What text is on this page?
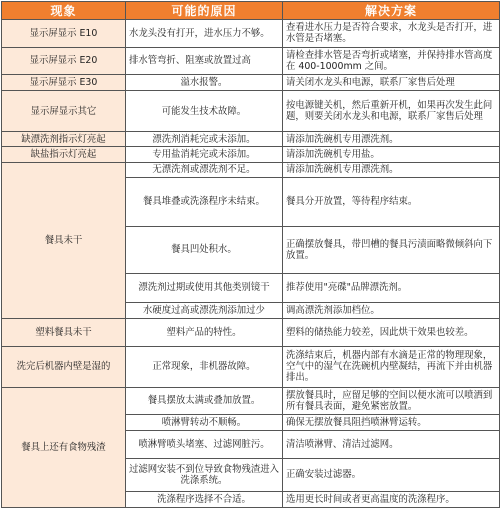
现象	可能的原因	解决方案
显示屏显示 E10	水龙头没有打开，进水压力不够。	查看进水压力是否符合要求，水龙头是否打开，进水管是否堵塞。
显示屏显示 E20	排水管弯折、阻塞或放置过高	请检查排水管是否弯折或堵塞，并保持排水管高度在 400-1000mm 之间。
显示屏显示 E30	溢水报警。	请关闭水龙头和电源，联系厂家售后处理
显示屏显示其它	可能发生技术故障。	按电源键关机，然后重新开机，如果再次发生此问题，则要关闭水龙头和电源，联系厂家售后处理
缺漂洗剂指示灯亮起	漂洗剂消耗完或未添加。	请添加洗碗机专用漂洗剂。
缺盐指示灯亮起	专用盐消耗完或未添加。	请添加洗碗机专用盐。
餐具未干	无漂洗剂或漂洗剂不足。	请添加洗碗机专用漂洗剂。
	餐具堆叠或洗涤程序未结束。	餐具分开放置，等待程序结束。
	餐具凹处积水。	正确摆放餐具，带凹槽的餐具污渍面略微倾斜向下放置。
	漂洗剂过期或使用其他类别镜干	推荐使用"亮碟"品牌漂洗剂。
	水硬度过高或漂洗剂添加过少	调高漂洗剂添加档位。
塑料餐具未干	塑料产品的特性。	塑料的储热能力较差，因此烘干效果也较差。
洗完后机器内壁是湿的	正常现象，非机器故障。	洗涤结束后，机器内部有水滴是正常的物理现象，空气中的湿气在洗碗机内壁凝结，再流下并由机器排出。
餐具上还有食物残渣	餐具摆放太满或叠加放置。	摆放餐具时，应留足够的空间以便水流可以喷洒到所有餐具表面，避免紧密放置。
	喷淋臂转动不顺畅。	确保无摆放餐具阻挡喷淋臂运转。
	喷淋臂喷头堵塞、过滤网脏污。	清洁喷淋臂、清洁过滤网。
	过滤网安装不到位导致食物残渣进入洗涤系统。	正确安装过滤器。
	洗涤程序选择不合适。	选用更长时间或者更高温度的洗涤程序。
